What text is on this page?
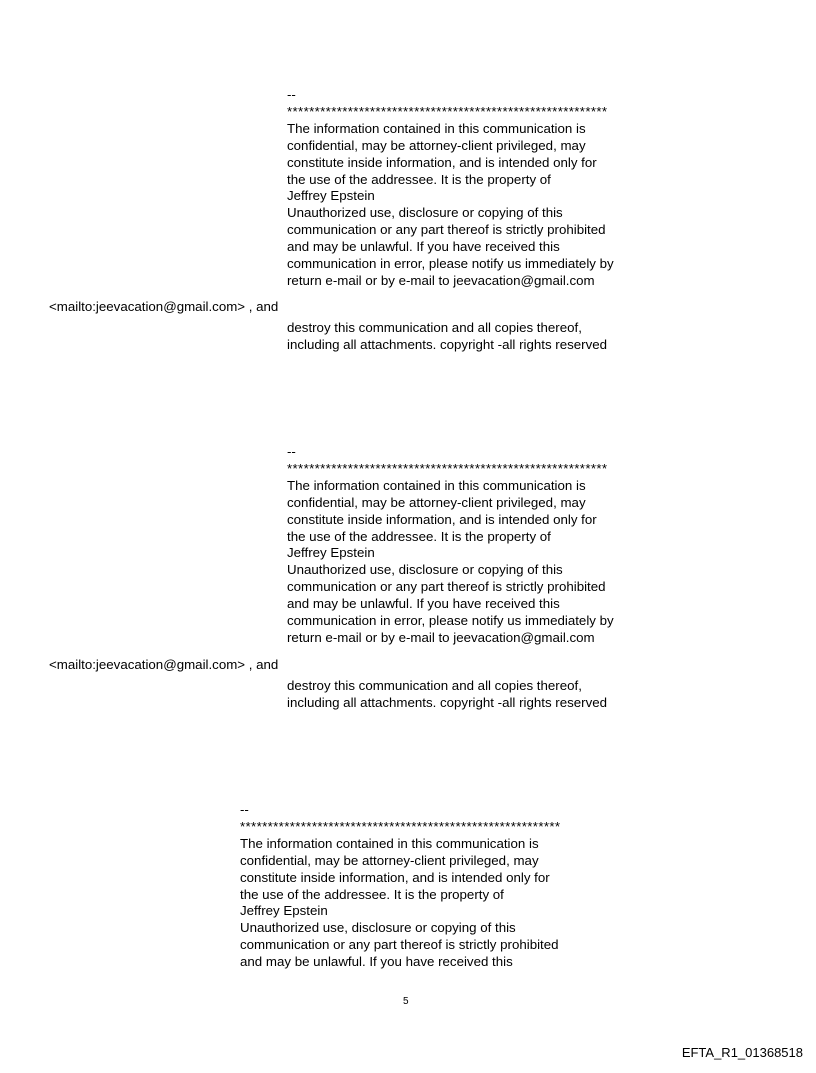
--
**********************************************************
The information contained in this communication is
confidential, may be attorney-client privileged, may
constitute inside information, and is intended only for
the use of the addressee. It is the property of
Jeffrey Epstein
Unauthorized use, disclosure or copying of this
communication or any part thereof is strictly prohibited
and may be unlawful. If you have received this
communication in error, please notify us immediately by
return e-mail or by e-mail to jeevacation@gmail.com
<mailto:jeevacation@gmail.com> , and
destroy this communication and all copies thereof,
including all attachments. copyright -all rights reserved
--
**********************************************************
The information contained in this communication is
confidential, may be attorney-client privileged, may
constitute inside information, and is intended only for
the use of the addressee. It is the property of
Jeffrey Epstein
Unauthorized use, disclosure or copying of this
communication or any part thereof is strictly prohibited
and may be unlawful. If you have received this
communication in error, please notify us immediately by
return e-mail or by e-mail to jeevacation@gmail.com
<mailto:jeevacation@gmail.com> , and
destroy this communication and all copies thereof,
including all attachments. copyright -all rights reserved
--
**********************************************************
The information contained in this communication is
confidential, may be attorney-client privileged, may
constitute inside information, and is intended only for
the use of the addressee. It is the property of
Jeffrey Epstein
Unauthorized use, disclosure or copying of this
communication or any part thereof is strictly prohibited
and may be unlawful. If you have received this
5
EFTA_R1_01368518
